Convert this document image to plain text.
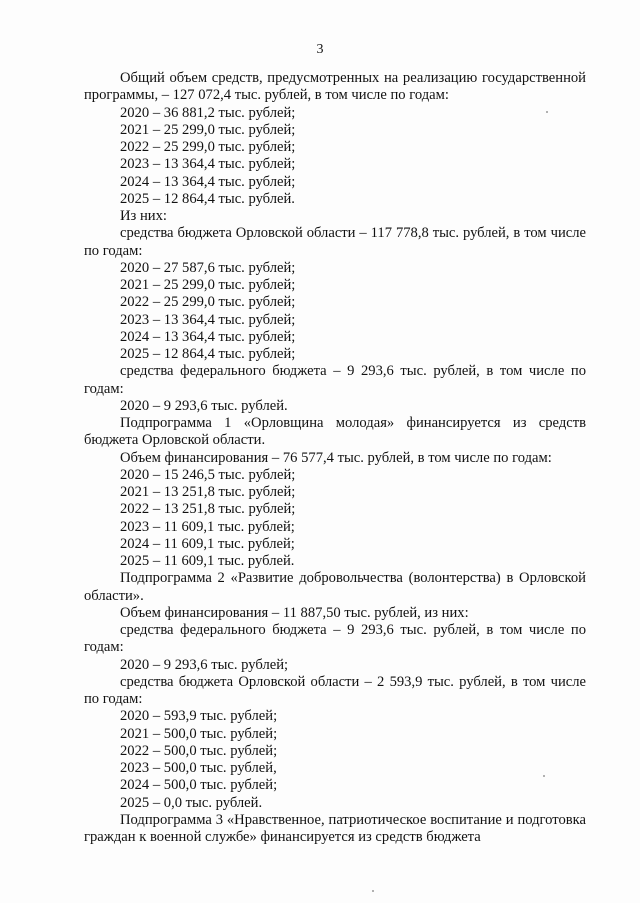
3

Общий объем средств, предусмотренных на реализацию государственной программы, – 127 072,4 тыс. рублей, в том числе по годам:

2020 – 36 881,2 тыс. рублей;

2021 – 25 299,0 тыс. рублей;

2022 – 25 299,0 тыс. рублей;

2023 – 13 364,4 тыс. рублей;

2024 – 13 364,4 тыс. рублей;

2025 – 12 864,4 тыс. рублей.

Из них:

средства бюджета Орловской области – 117 778,8 тыс. рублей, в том числе по годам:

2020 – 27 587,6 тыс. рублей;

2021 – 25 299,0 тыс. рублей;

2022 – 25 299,0 тыс. рублей;

2023 – 13 364,4 тыс. рублей;

2024 – 13 364,4 тыс. рублей;

2025 – 12 864,4 тыс. рублей;

средства федерального бюджета – 9 293,6 тыс. рублей, в том числе по годам:

2020 – 9 293,6 тыс. рублей.

Подпрограмма 1 «Орловщина молодая» финансируется из средств бюджета Орловской области.

Объем финансирования – 76 577,4 тыс. рублей, в том числе по годам:

2020 – 15 246,5 тыс. рублей;

2021 – 13 251,8 тыс. рублей;

2022 – 13 251,8 тыс. рублей;

2023 – 11 609,1 тыс. рублей;

2024 – 11 609,1 тыс. рублей;

2025 – 11 609,1 тыс. рублей.

Подпрограмма 2 «Развитие добровольчества (волонтерства) в Орловской области».

Объем финансирования – 11 887,50 тыс. рублей, из них:

средства федерального бюджета – 9 293,6 тыс. рублей, в том числе по годам:

2020 – 9 293,6 тыс. рублей;

средства бюджета Орловской области – 2 593,9 тыс. рублей, в том числе по годам:

2020 – 593,9 тыс. рублей;

2021 – 500,0 тыс. рублей;

2022 – 500,0 тыс. рублей;

2023 – 500,0 тыс. рублей,

2024 – 500,0 тыс. рублей;

2025 – 0,0 тыс. рублей.

Подпрограмма 3 «Нравственное, патриотическое воспитание и подготовка граждан к военной службе» финансируется из средств бюджета
